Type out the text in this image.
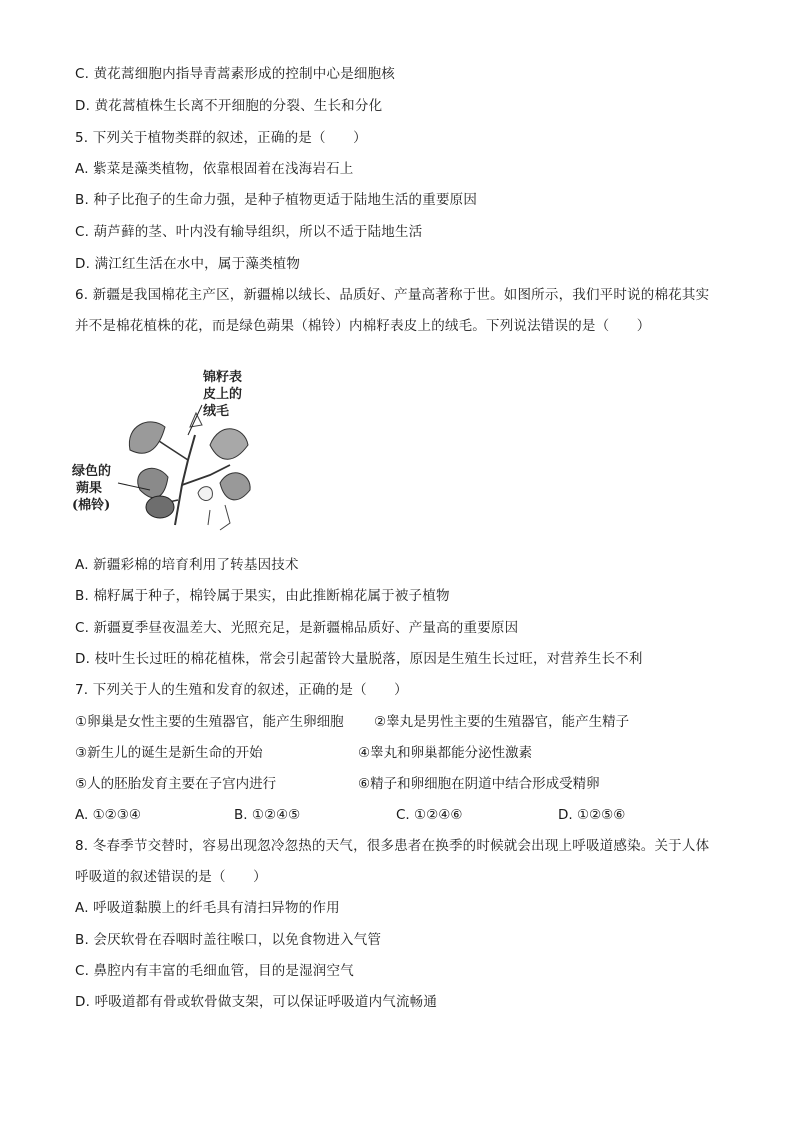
C. 黄花蒿细胞内指导青蒿素形成的控制中心是细胞核
D. 黄花蒿植株生长离不开细胞的分裂、生长和分化
5. 下列关于植物类群的叙述，正确的是（　　）
A. 紫菜是藻类植物，依靠根固着在浅海岩石上
B. 种子比孢子的生命力强，是种子植物更适于陆地生活的重要原因
C. 葫芦藓的茎、叶内没有输导组织，所以不适于陆地生活
D. 满江红生活在水中，属于藻类植物
6. 新疆是我国棉花主产区，新疆棉以绒长、品质好、产量高著称于世。如图所示，我们平时说的棉花其实
并不是棉花植株的花，而是绿色蒴果（棉铃）内棉籽表皮上的绒毛。下列说法错误的是（　　）
锦籽表
皮上的
绒毛
绿色的
蒴果
(棉铃)
A. 新疆彩棉的培育利用了转基因技术
B. 棉籽属于种子，棉铃属于果实，由此推断棉花属于被子植物
C. 新疆夏季昼夜温差大、光照充足，是新疆棉品质好、产量高的重要原因
D. 枝叶生长过旺的棉花植株，常会引起蕾铃大量脱落，原因是生殖生长过旺，对营养生长不利
7. 下列关于人的生殖和发育的叙述，正确的是（　　）
①卵巢是女性主要的生殖器官，能产生卵细胞 ②睾丸是男性主要的生殖器官，能产生精子
③新生儿的诞生是新生命的开始	④睾丸和卵巢都能分泌性激素
⑤人的胚胎发育主要在子宫内进行	⑥精子和卵细胞在阴道中结合形成受精卵
A. ①②③④	B. ①②④⑤	C. ①②④⑥	D. ①②⑤⑥
8. 冬春季节交替时，容易出现忽冷忽热的天气，很多患者在换季的时候就会出现上呼吸道感染。关于人体
呼吸道的叙述错误的是（　　）
A. 呼吸道黏膜上的纤毛具有清扫异物的作用
B. 会厌软骨在吞咽时盖往喉口，以免食物进入气管
C. 鼻腔内有丰富的毛细血管，目的是湿润空气
D. 呼吸道都有骨或软骨做支架，可以保证呼吸道内气流畅通
